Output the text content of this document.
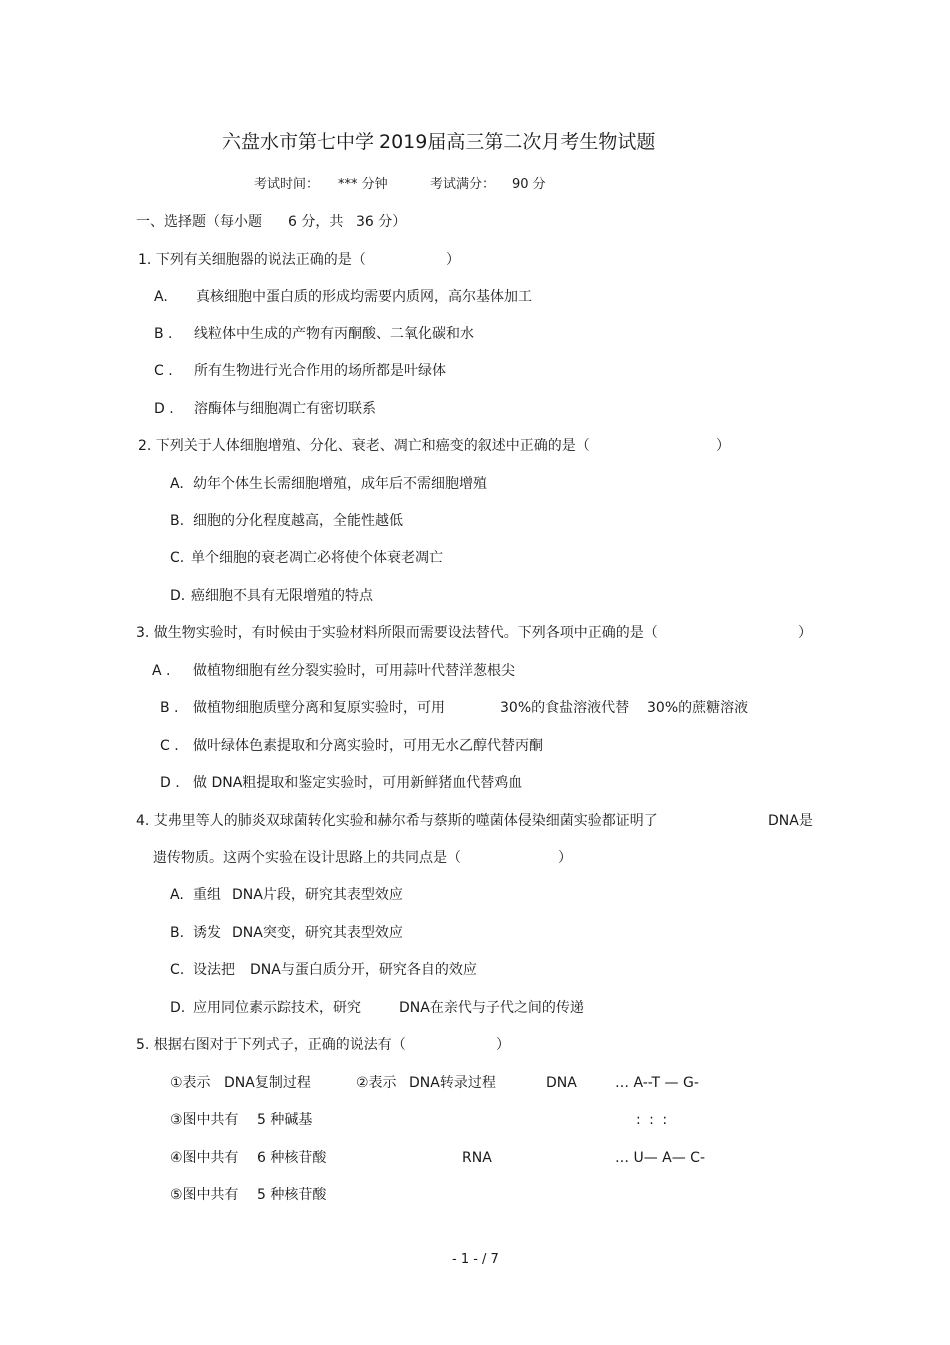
六盘水市第七中学 2019届高三第二次月考生物试题
考试时间： *** 分钟	考试满分： 90 分
一、选择题（每小题 6 分，共 36 分）
1. 下列有关细胞器的说法正确的是（	）
A. 真核细胞中蛋白质的形成均需要内质网，高尔基体加工
B . 线粒体中生成的产物有丙酮酸、二氧化碳和水
C . 所有生物进行光合作用的场所都是叶绿体
D . 溶酶体与细胞凋亡有密切联系
2. 下列关于人体细胞增殖、分化、衰老、凋亡和癌变的叙述中正确的是（	）
A. 幼年个体生长需细胞增殖，成年后不需细胞增殖
B. 细胞的分化程度越高，全能性越低
C. 单个细胞的衰老凋亡必将使个体衰老凋亡
D. 癌细胞不具有无限增殖的特点
3. 做生物实验时，有时候由于实验材料所限而需要设法替代。下列各项中正确的是（	）
A . 做植物细胞有丝分裂实验时，可用蒜叶代替洋葱根尖
B . 做植物细胞质壁分离和复原实验时，可用	30%的食盐溶液代替 30%的蔗糖溶液
C . 做叶绿体色素提取和分离实验时，可用无水乙醇代替丙酮
D . 做 DNA粗提取和鉴定实验时，可用新鲜猪血代替鸡血
4. 艾弗里等人的肺炎双球菌转化实验和赫尔希与蔡斯的噬菌体侵染细菌实验都证明了	DNA是
遗传物质。这两个实验在设计思路上的共同点是（	）
A. 重组 DNA片段，研究其表型效应
B. 诱发 DNA突变，研究其表型效应
C. 设法把 DNA与蛋白质分开，研究各自的效应
D. 应用同位素示踪技术，研究	DNA在亲代与子代之间的传递
5. 根据右图对于下列式子，正确的说法有（	）
①表示 DNA复制过程	②表示 DNA转录过程
③图中共有 5 种碱基
④图中共有 6 种核苷酸
⑤图中共有 5 种核苷酸
DNA	… A--T — G-
: : :
RNA	… U— A— C-
- 1 - / 7
